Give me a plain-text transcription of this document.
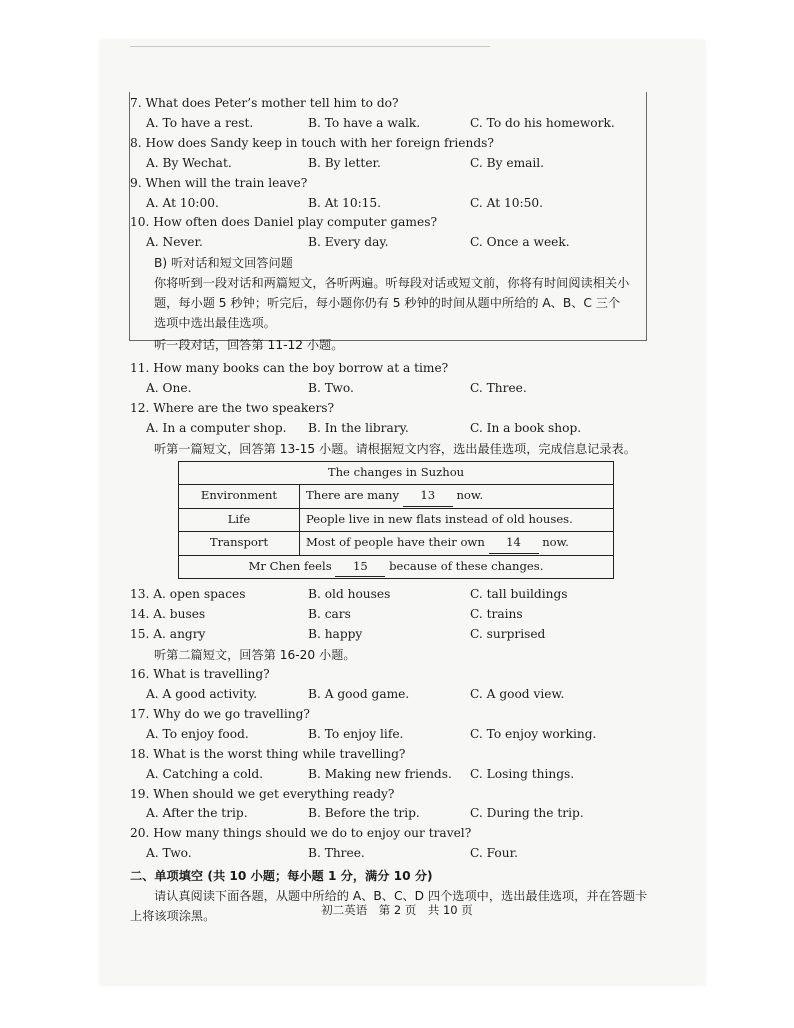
7. What does Peter’s mother tell him to do?

A. To have a rest.	B. To have a walk.	C. To do his homework.

8. How does Sandy keep in touch with her foreign friends?

A. By Wechat.	B. By letter.	C. By email.

9. When will the train leave?

A. At 10:00.	B. At 10:15.	C. At 10:50.

10. How often does Daniel play computer games?

A. Never.	B. Every day.	C. Once a week.

B) 听对话和短文回答问题

你将听到一段对话和两篇短文，各听两遍。听每段对话或短文前，你将有时间阅读相关小题，每小题 5 秒钟；听完后，每小题你仍有 5 秒钟的时间从题中所给的 A、B、C 三个选项中选出最佳选项。

听一段对话，回答第 11-12 小题。

11. How many books can the boy borrow at a time?

A. One.	B. Two.	C. Three.

12. Where are the two speakers?

A. In a computer shop.	B. In the library.	C. In a book shop.

听第一篇短文，回答第 13-15 小题。请根据短文内容，选出最佳选项，完成信息记录表。

The changes in Suzhou	
Environment	There are many 13 now.
Life	People live in new flats instead of old houses.
Transport	Most of people have their own 14 now.
Mr Chen feels 15 because of these changes.	

13. A. open spaces	B. old houses	C. tall buildings

14. A. buses	B. cars	C. trains

15. A. angry	B. happy	C. surprised

听第二篇短文，回答第 16-20 小题。

16. What is travelling?

A. A good activity.	B. A good game.	C. A good view.

17. Why do we go travelling?

A. To enjoy food.	B. To enjoy life.	C. To enjoy working.

18. What is the worst thing while travelling?

A. Catching a cold.	B. Making new friends.	C. Losing things.

19. When should we get everything ready?

A. After the trip.	B. Before the trip.	C. During the trip.

20. How many things should we do to enjoy our travel?

A. Two.	B. Three.	C. Four.

二、单项填空 (共 10 小题；每小题 1 分，满分 10 分)

请认真阅读下面各题，从题中所给的 A、B、C、D 四个选项中，选出最佳选项，并在答题卡上将该项涂黑。	初二英语　第 2 页　共 10 页
